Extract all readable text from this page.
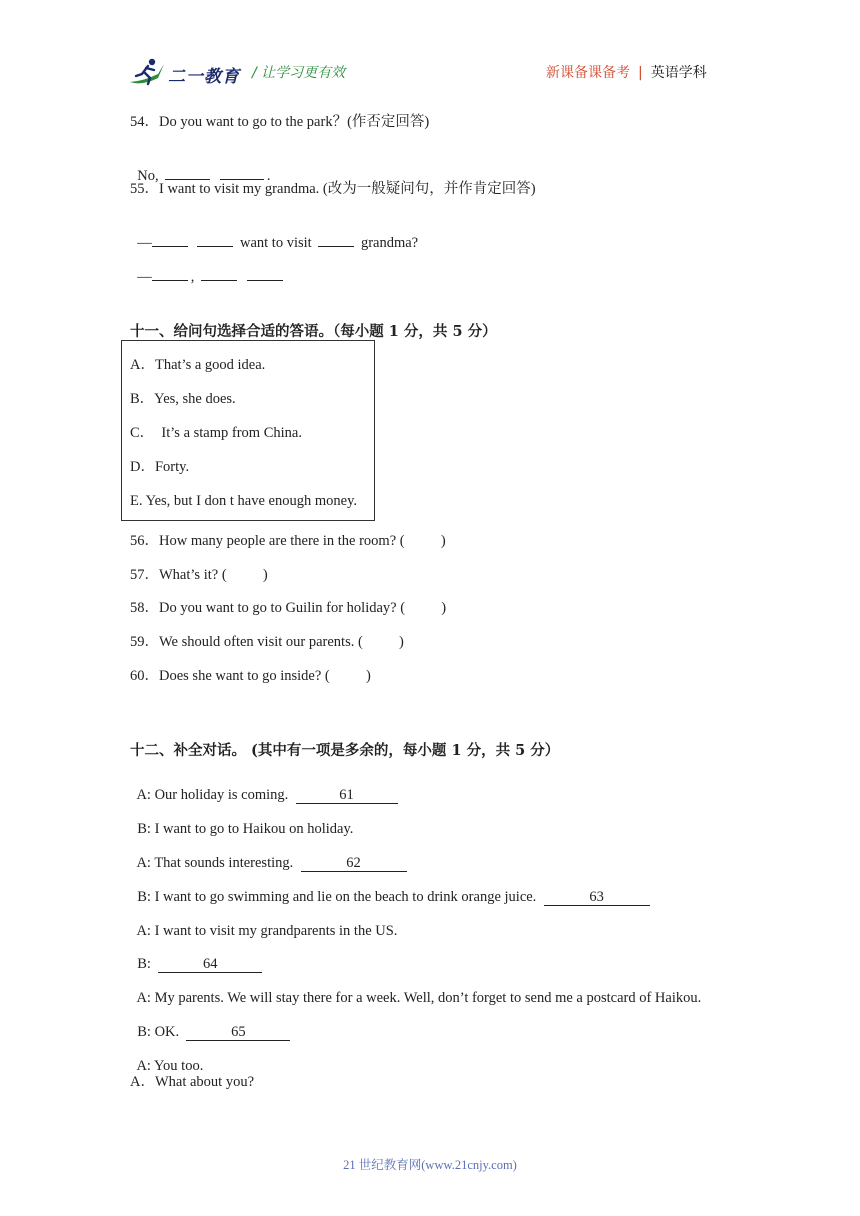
二一教育 / 让学习更有效	新课备课备考 | 英语学科
54．Do you want to go to the park？(作否定回答)

No,	.

55．I want to visit my grandma. (改为一般疑问句，并作肯定回答)

—	want to visit	grandma?

—	,

十一、给问句选择合适的答语。（每小题 1 分，共 5 分）
A．That’s a good idea.
B．Yes, she does.
C．  It’s a stamp from China.
D．Forty.
E. Yes, but I don t have enough money.
56．How many people are there in the room? (          )
57．What’s it? (          )
58．Do you want to go to Guilin for holiday? (          )
59．We should often visit our parents. (          )
60．Does she want to go inside? (          )
十二、补全对话。 (其中有一项是多余的，每小题 1 分，共 5 分）

A: Our holiday is coming.	61

B: I want to go to Haikou on holiday.

A: That sounds interesting.	62

B: I want to go swimming and lie on the beach to drink orange juice.	63

A: I want to visit my grandparents in the US.

B:	64

A: My parents. We will stay there for a week. Well, don’t forget to send me a postcard of Haikou.

B: OK.	65

A: You too.

A．What about you?
21 世纪教育网(www.21cnjy.com)
